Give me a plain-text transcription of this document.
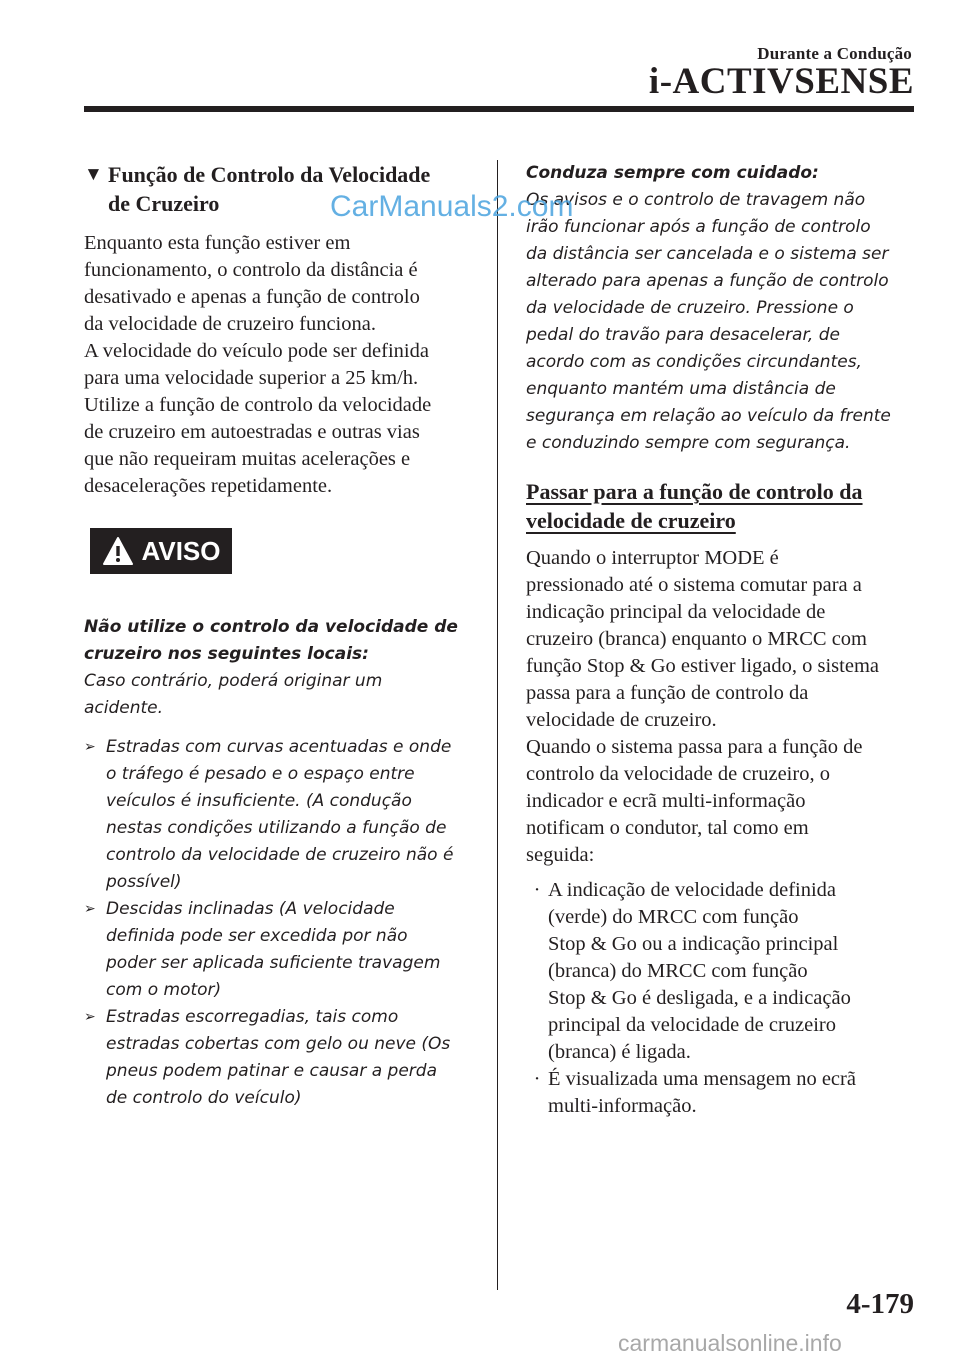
Durante a Condução
i-ACTIVSENSE
▼ Função de Controlo da Velocidade
de Cruzeiro

Enquanto esta função estiver em
funcionamento, o controlo da distância é
desativado e apenas a função de controlo
da velocidade de cruzeiro funciona.
A velocidade do veículo pode ser definida
para uma velocidade superior a 25 km/h.
Utilize a função de controlo da velocidade
de cruzeiro em autoestradas e outras vias
que não requeiram muitas acelerações e
desacelerações repetidamente.

AVISO

Não utilize o controlo da velocidade de
cruzeiro nos seguintes locais:

Caso contrário, poderá originar um
acidente.

➢ Estradas com curvas acentuadas e onde
o tráfego é pesado e o espaço entre
veículos é insuficiente. (A condução
nestas condições utilizando a função de
controlo da velocidade de cruzeiro não é
possível)
➢ Descidas inclinadas (A velocidade
definida pode ser excedida por não
poder ser aplicada suficiente travagem
com o motor)
➢ Estradas escorregadias, tais como
estradas cobertas com gelo ou neve (Os
pneus podem patinar e causar a perda
de controlo do veículo)

Conduza sempre com cuidado:

Os avisos e o controlo de travagem não
irão funcionar após a função de controlo
da distância ser cancelada e o sistema ser
alterado para apenas a função de controlo
da velocidade de cruzeiro. Pressione o
pedal do travão para desacelerar, de
acordo com as condições circundantes,
enquanto mantém uma distância de
segurança em relação ao veículo da frente
e conduzindo sempre com segurança.

Passar para a função de controlo da
velocidade de cruzeiro

Quando o interruptor MODE é
pressionado até o sistema comutar para a
indicação principal da velocidade de
cruzeiro (branca) enquanto o MRCC com
função Stop & Go estiver ligado, o sistema
passa para a função de controlo da
velocidade de cruzeiro.
Quando o sistema passa para a função de
controlo da velocidade de cruzeiro, o
indicador e ecrã multi-informação
notificam o condutor, tal como em
seguida:

· A indicação de velocidade definida
(verde) do MRCC com função
Stop & Go ou a indicação principal
(branca) do MRCC com função
Stop & Go é desligada, e a indicação
principal da velocidade de cruzeiro
(branca) é ligada.
· É visualizada uma mensagem no ecrã
multi-informação.
4-179
CarManuals2.com
carmanualsonline.info
